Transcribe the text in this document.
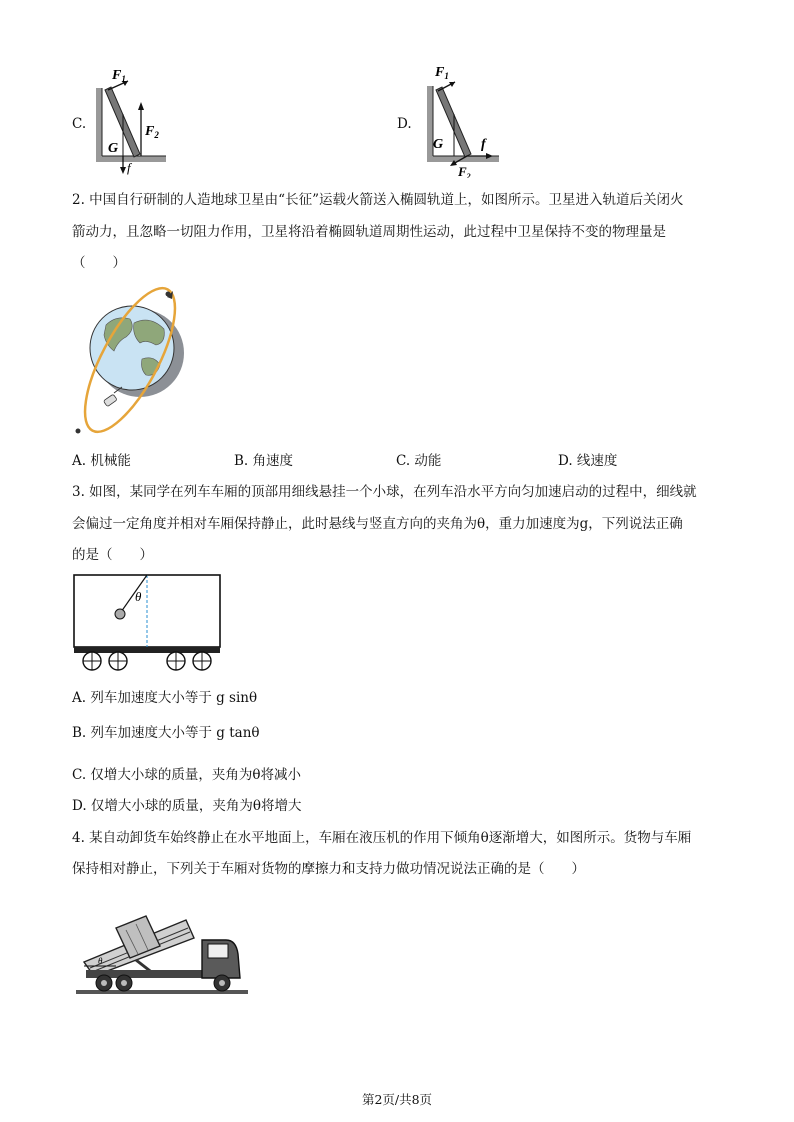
C.
$F_1$
$F_2$
G
f
D.
$F_1$
G	f
$F_2$
2. 中国自行研制的人造地球卫星由“长征”运载火箭送入椭圆轨道上，如图所示。卫星进入轨道后关闭火
箭动力，且忽略一切阻力作用，卫星将沿着椭圆轨道周期性运动，此过程中卫星保持不变的物理量是
（　　）
A. 机械能	B. 角速度	C. 动能	D. 线速度
3. 如图，某同学在列车车厢的顶部用细线悬挂一个小球，在列车沿水平方向匀加速启动的过程中，细线就
会偏过一定角度并相对车厢保持静止，此时悬线与竖直方向的夹角为θ，重力加速度为g，下列说法正确
的是（　　）
θ
A. 列车加速度大小等于 g sinθ
B. 列车加速度大小等于 g tanθ
C. 仅增大小球的质量，夹角为θ将减小
D. 仅增大小球的质量，夹角为θ将增大
4. 某自动卸货车始终静止在水平地面上，车厢在液压机的作用下倾角θ逐渐增大，如图所示。货物与车厢
保持相对静止，下列关于车厢对货物的摩擦力和支持力做功情况说法正确的是（　　）
θ
第2页/共8页
